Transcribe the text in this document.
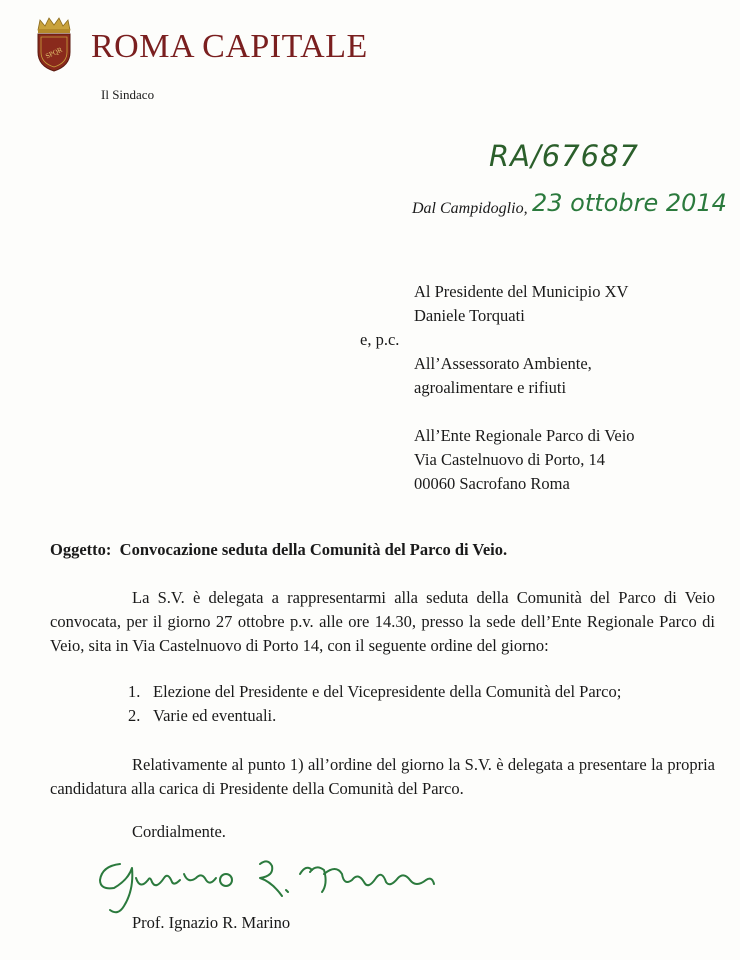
SPQR ROMA CAPITALE
Il Sindaco
RA/67687
Dal Campidoglio, 23 ottobre 2014
Al Presidente del Municipio XV
Daniele Torquati
e, p.c.
All’Assessorato Ambiente,
agroalimentare e rifiuti
All’Ente Regionale Parco di Veio
Via Castelnuovo di Porto, 14
00060 Sacrofano Roma
Oggetto: Convocazione seduta della Comunità del Parco di Veio.
La S.V. è delegata a rappresentarmi alla seduta della Comunità del Parco di Veio convocata, per il giorno 27 ottobre p.v. alle ore 14.30, presso la sede dell’Ente Regionale Parco di Veio, sita in Via Castelnuovo di Porto 14, con il seguente ordine del giorno:
1. Elezione del Presidente e del Vicepresidente della Comunità del Parco;
2. Varie ed eventuali.
Relativamente al punto 1) all’ordine del giorno la S.V. è delegata a presentare la propria candidatura alla carica di Presidente della Comunità del Parco.
Cordialmente.
Prof. Ignazio R. Marino
